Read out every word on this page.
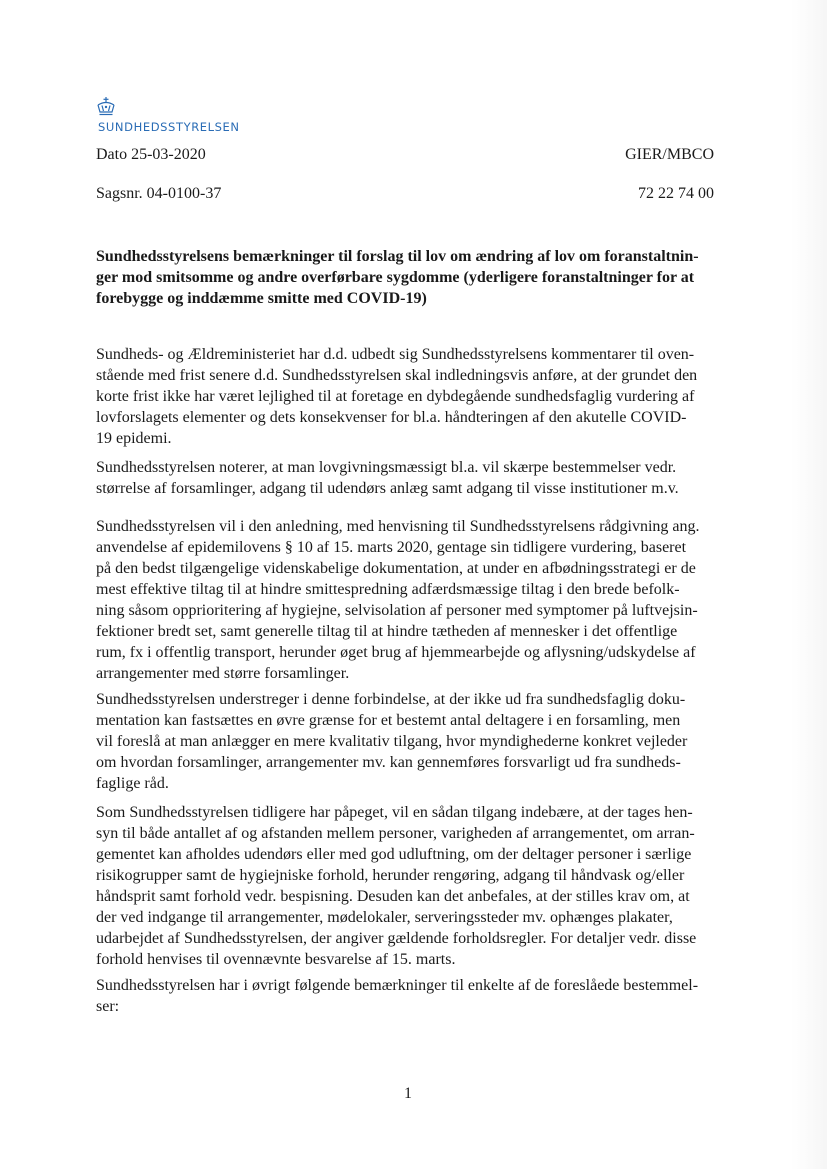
SUNDHEDSSTYRELSEN
Dato 25-03-2020	GIER/MBCO
Sagsnr. 04-0100-37	72 22 74 00
Sundhedsstyrelsens bemærkninger til forslag til lov om ændring af lov om foranstaltnin-
ger mod smitsomme og andre overførbare sygdomme (yderligere foranstaltninger for at
forebygge og inddæmme smitte med COVID-19)
Sundheds- og Ældreministeriet har d.d. udbedt sig Sundhedsstyrelsens kommentarer til oven-
stående med frist senere d.d. Sundhedsstyrelsen skal indledningsvis anføre, at der grundet den
korte frist ikke har været lejlighed til at foretage en dybdegående sundhedsfaglig vurdering af
lovforslagets elementer og dets konsekvenser for bl.a. håndteringen af den akutelle COVID-
19 epidemi.
Sundhedsstyrelsen noterer, at man lovgivningsmæssigt bl.a. vil skærpe bestemmelser vedr.
størrelse af forsamlinger, adgang til udendørs anlæg samt adgang til visse institutioner m.v.
Sundhedsstyrelsen vil i den anledning, med henvisning til Sundhedsstyrelsens rådgivning ang.
anvendelse af epidemilovens § 10 af 15. marts 2020, gentage sin tidligere vurdering, baseret
på den bedst tilgængelige videnskabelige dokumentation, at under en afbødningsstrategi er de
mest effektive tiltag til at hindre smittespredning adfærdsmæssige tiltag i den brede befolk-
ning såsom opprioritering af hygiejne, selvisolation af personer med symptomer på luftvejsin-
fektioner bredt set, samt generelle tiltag til at hindre tætheden af mennesker i det offentlige
rum, fx i offentlig transport, herunder øget brug af hjemmearbejde og aflysning/udskydelse af
arrangementer med større forsamlinger.
Sundhedsstyrelsen understreger i denne forbindelse, at der ikke ud fra sundhedsfaglig doku-
mentation kan fastsættes en øvre grænse for et bestemt antal deltagere i en forsamling, men
vil foreslå at man anlægger en mere kvalitativ tilgang, hvor myndighederne konkret vejleder
om hvordan forsamlinger, arrangementer mv. kan gennemføres forsvarligt ud fra sundheds-
faglige råd.
Som Sundhedsstyrelsen tidligere har påpeget, vil en sådan tilgang indebære, at der tages hen-
syn til både antallet af og afstanden mellem personer, varigheden af arrangementet, om arran-
gementet kan afholdes udendørs eller med god udluftning, om der deltager personer i særlige
risikogrupper samt de hygiejniske forhold, herunder rengøring, adgang til håndvask og/eller
håndsprit samt forhold vedr. bespisning. Desuden kan det anbefales, at der stilles krav om, at
der ved indgange til arrangementer, mødelokaler, serveringssteder mv. ophænges plakater,
udarbejdet af Sundhedsstyrelsen, der angiver gældende forholdsregler. For detaljer vedr. disse
forhold henvises til ovennævnte besvarelse af 15. marts.
Sundhedsstyrelsen har i øvrigt følgende bemærkninger til enkelte af de foreslåede bestemmel-
ser:
1
